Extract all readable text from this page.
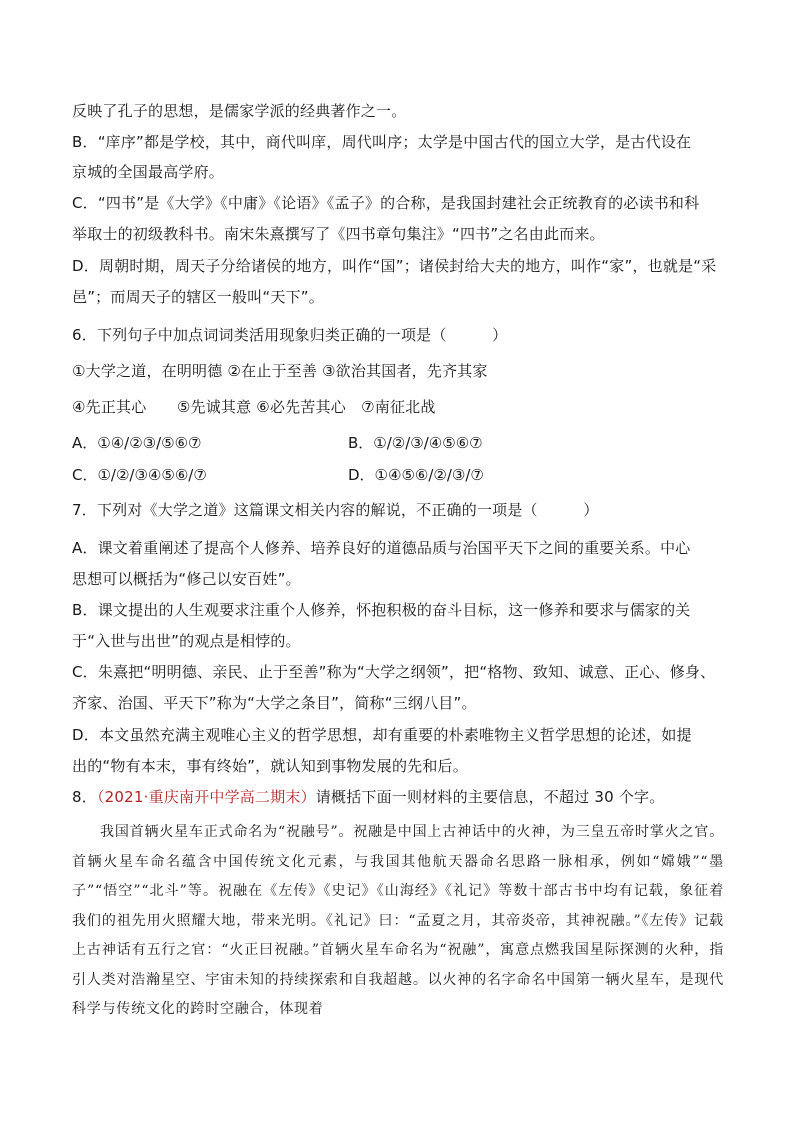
反映了孔子的思想，是儒家学派的经典著作之一。
B．“庠序”都是学校，其中，商代叫庠，周代叫序；太学是中国古代的国立大学，是古代设在
京城的全国最高学府。
C．“四书”是《大学》《中庸》《论语》《孟子》的合称，是我国封建社会正统教育的必读书和科
举取士的初级教科书。南宋朱熹撰写了《四书章句集注》“四书”之名由此而来。
D．周朝时期，周天子分给诸侯的地方，叫作“国”；诸侯封给大夫的地方，叫作“家”，也就是“采
邑”；而周天子的辖区一般叫“天下”。
6．下列句子中加点词词类活用现象归类正确的一项是（　　　）
①大学之道，在明明德 ②在止于至善 ③欲治其国者，先齐其家
④先正其心　　⑤先诚其意 ⑥必先苦其心　⑦南征北战
A．①④/②③/⑤⑥⑦	B．①/②/③/④⑤⑥⑦
C．①/②/③④⑤⑥/⑦	D．①④⑤⑥/②/③/⑦
7．下列对《大学之道》这篇课文相关内容的解说，不正确的一项是（　　　）
A．课文着重阐述了提高个人修养、培养良好的道德品质与治国平天下之间的重要关系。中心
思想可以概括为“修己以安百姓”。
B．课文提出的人生观要求注重个人修养，怀抱积极的奋斗目标，这一修养和要求与儒家的关
于“入世与出世”的观点是相悖的。
C．朱熹把“明明德、亲民、止于至善”称为“大学之纲领”，把“格物、致知、诚意、正心、修身、
齐家、治国、平天下”称为“大学之条目”，简称“三纲八目”。
D．本文虽然充满主观唯心主义的哲学思想，却有重要的朴素唯物主义哲学思想的论述，如提
出的“物有本末，事有终始”，就认知到事物发展的先和后。
8．（2021·重庆南开中学高二期末）请概括下面一则材料的主要信息，不超过 30 个字。

我国首辆火星车正式命名为“祝融号”。祝融是中国上古神话中的火神，为三皇五帝时掌火之官。首辆火星车命名蕴含中国传统文化元素，与我国其他航天器命名思路一脉相承，例如“嫦娥”“墨子”“悟空”“北斗”等。祝融在《左传》《史记》《山海经》《礼记》等数十部古书中均有记载，象征着我们的祖先用火照耀大地，带来光明。《礼记》曰：“孟夏之月，其帝炎帝，其神祝融。”《左传》记载上古神话有五行之官：“火正曰祝融。”首辆火星车命名为“祝融”，寓意点燃我国星际探测的火种，指引人类对浩瀚星空、宇宙未知的持续探索和自我超越。以火神的名字命名中国第一辆火星车，是现代科学与传统文化的跨时空融合，体现着
